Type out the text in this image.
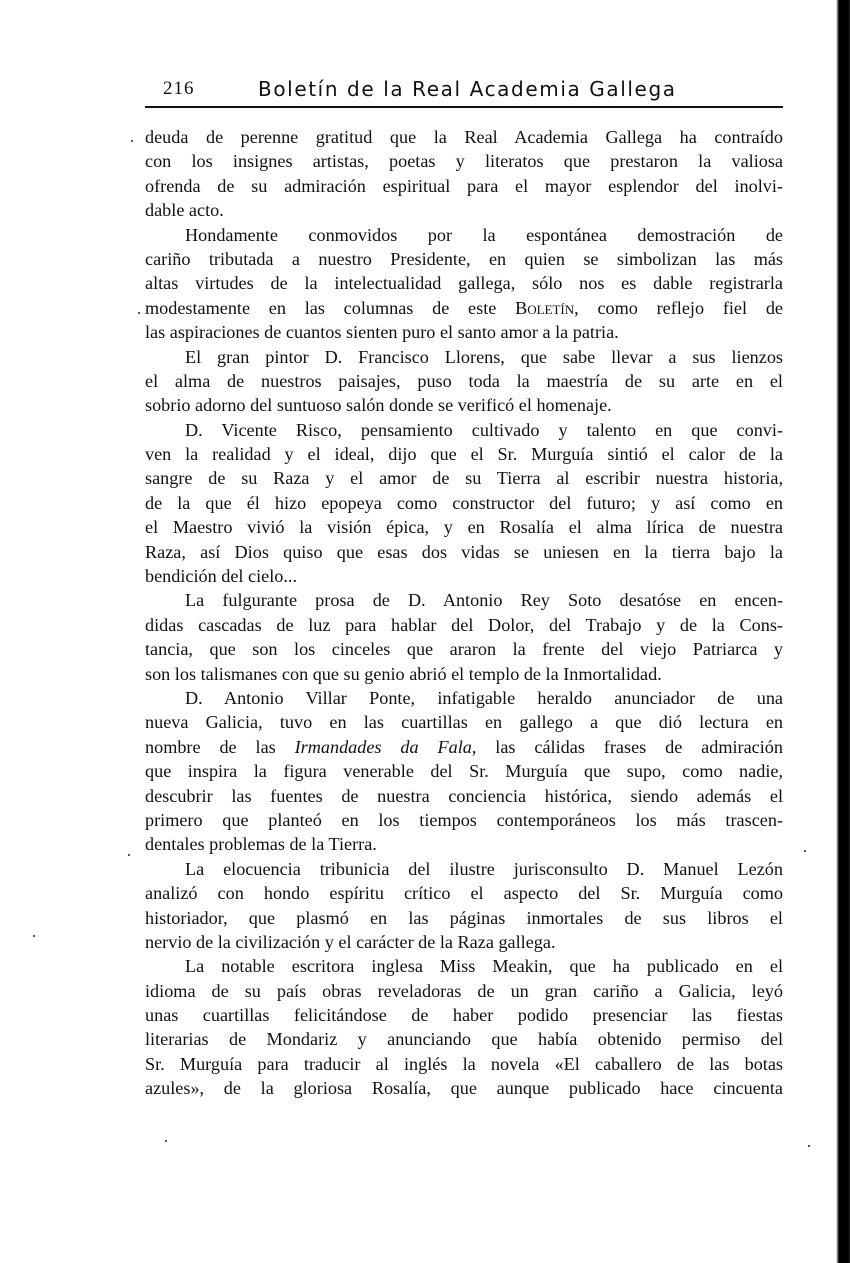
216	Boletín de la Real Academia Gallega
deuda de perenne gratitud que la Real Academia Gallega ha contraído
con los insignes artistas, poetas y literatos que prestaron la valiosa
ofrenda de su admiración espiritual para el mayor esplendor del inolvi-
dable acto.
Hondamente conmovidos por la espontánea demostración de
cariño tributada a nuestro Presidente, en quien se simbolizan las más
altas virtudes de la intelectualidad gallega, sólo nos es dable registrarla
modestamente en las columnas de este Boletín, como reflejo fiel de
las aspiraciones de cuantos sienten puro el santo amor a la patria.
El gran pintor D. Francisco Llorens, que sabe llevar a sus lienzos
el alma de nuestros paisajes, puso toda la maestría de su arte en el
sobrio adorno del suntuoso salón donde se verificó el homenaje.
D. Vicente Risco, pensamiento cultivado y talento en que convi-
ven la realidad y el ideal, dijo que el Sr. Murguía sintió el calor de la
sangre de su Raza y el amor de su Tierra al escribir nuestra historia,
de la que él hizo epopeya como constructor del futuro; y así como en
el Maestro vivió la visión épica, y en Rosalía el alma lírica de nuestra
Raza, así Dios quiso que esas dos vidas se uniesen en la tierra bajo la
bendición del cielo...
La fulgurante prosa de D. Antonio Rey Soto desatóse en encen-
didas cascadas de luz para hablar del Dolor, del Trabajo y de la Cons-
tancia, que son los cinceles que araron la frente del viejo Patriarca y
son los talismanes con que su genio abrió el templo de la Inmortalidad.
D. Antonio Villar Ponte, infatigable heraldo anunciador de una
nueva Galicia, tuvo en las cuartillas en gallego a que dió lectura en
nombre de las Irmandades da Fala, las cálidas frases de admiración
que inspira la figura venerable del Sr. Murguía que supo, como nadie,
descubrir las fuentes de nuestra conciencia histórica, siendo además el
primero que planteó en los tiempos contemporáneos los más trascen-
dentales problemas de la Tierra.
La elocuencia tribunicia del ilustre jurisconsulto D. Manuel Lezón
analizó con hondo espíritu crítico el aspecto del Sr. Murguía como
historiador, que plasmó en las páginas inmortales de sus libros el
nervio de la civilización y el carácter de la Raza gallega.
La notable escritora inglesa Miss Meakin, que ha publicado en el
idioma de su país obras reveladoras de un gran cariño a Galicia, leyó
unas cuartillas felicitándose de haber podido presenciar las fiestas
literarias de Mondariz y anunciando que había obtenido permiso del
Sr. Murguía para traducir al inglés la novela «El caballero de las botas
azules», de la gloriosa Rosalía, que aunque publicado hace cincuenta
